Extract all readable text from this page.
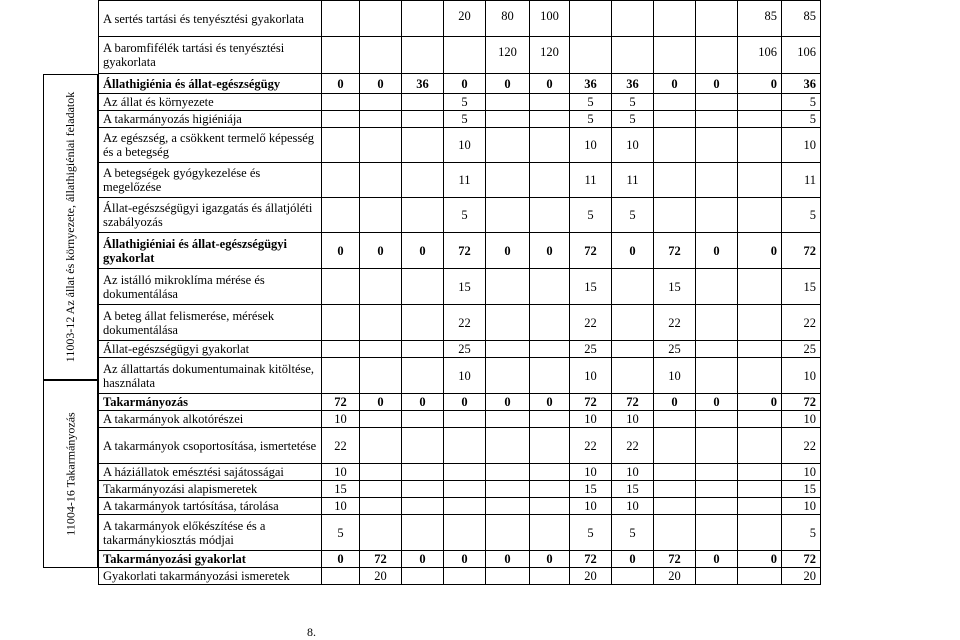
11003-12 Az állat és környezete, állathigiéniai feladatok
11004-16 Takarmányozás
A sertés tartási és tenyésztési gyakorlata				20	80	100					85	85
A baromfifélék tartási és tenyésztési gyakorlata					120	120					106	106
Állathigiénia és állat-egészségügy	0	0	36	0	0	0	36	36	0	0	0	36
Az állat és környezete				5			5	5				5
A takarmányozás higiéniája				5			5	5				5
Az egészség, a csökkent termelő képesség és a betegség				10			10	10				10
A betegségek gyógykezelése és megelőzése				11			11	11				11
Állat-egészségügyi igazgatás és állatjóléti szabályozás				5			5	5				5
Állathigiéniai és állat-egészségügyi gyakorlat	0	0	0	72	0	0	72	0	72	0	0	72
Az istálló mikroklíma mérése és dokumentálása				15			15		15			15
A beteg állat felismerése, mérések dokumentálása				22			22		22			22
Állat-egészségügyi gyakorlat				25			25		25			25
Az állattartás dokumentumainak kitöltése, használata				10			10		10			10
Takarmányozás	72	0	0	0	0	0	72	72	0	0	0	72
A takarmányok alkotórészei	10						10	10				10
A takarmányok csoportosítása, ismertetése	22						22	22				22
A háziállatok emésztési sajátosságai	10						10	10				10
Takarmányozási alapismeretek	15						15	15				15
A takarmányok tartósítása, tárolása	10						10	10				10
A takarmányok előkészítése és a takarmánykiosztás módjai	5						5	5				5
Takarmányozási gyakorlat	0	72	0	0	0	0	72	0	72	0	0	72
Gyakorlati takarmányozási ismeretek		20					20		20			20
8.
